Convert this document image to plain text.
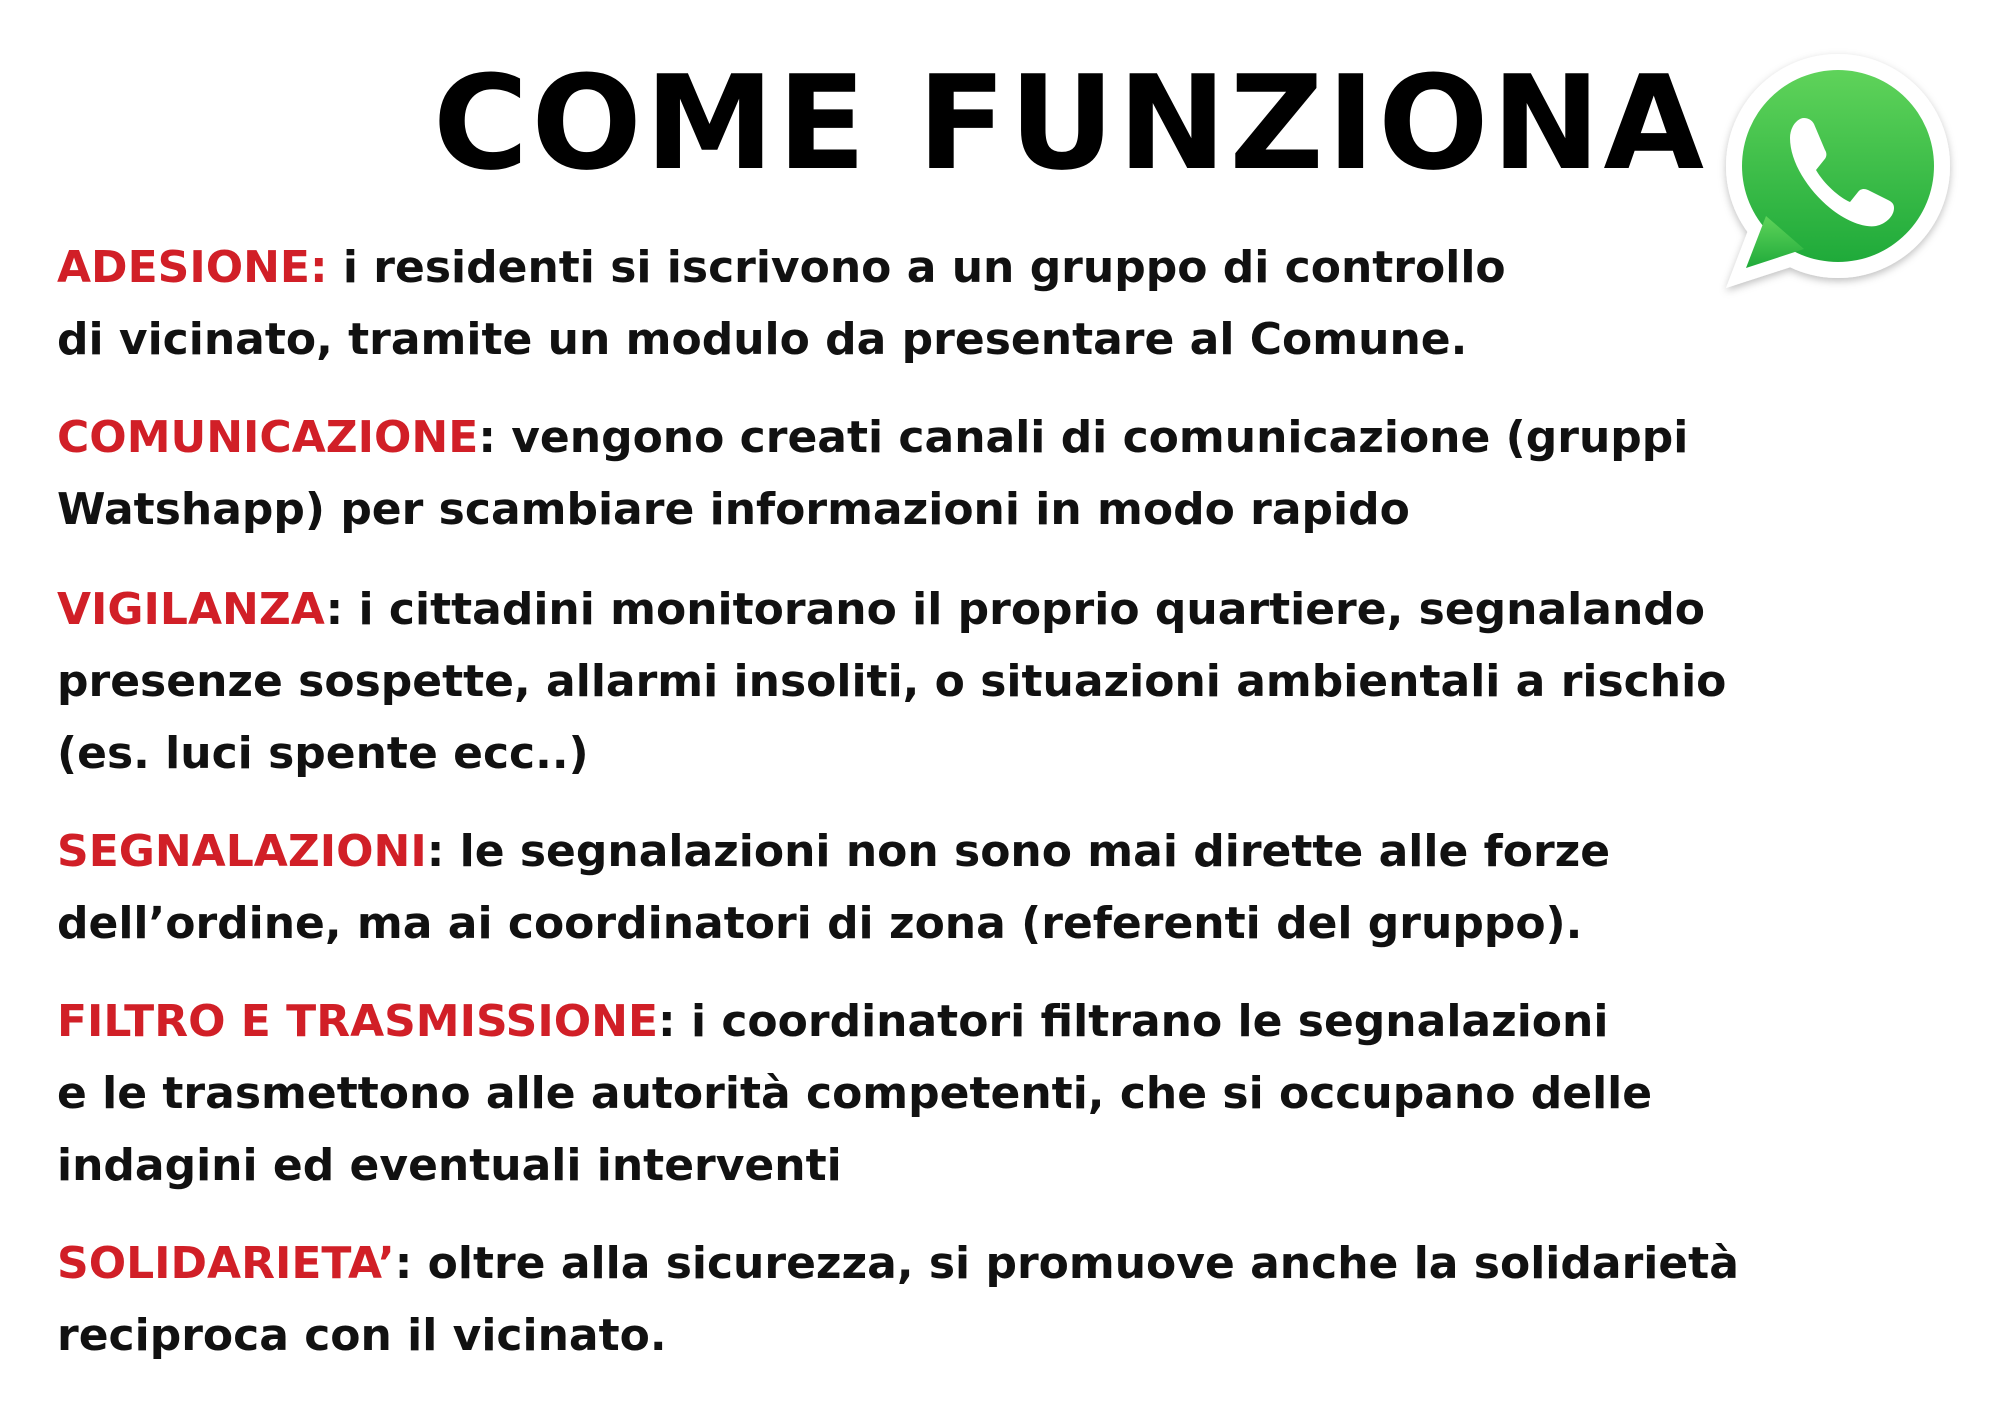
COME FUNZIONA

ADESIONE: i residenti si iscrivono a un gruppo di controllo
di vicinato, tramite un modulo da presentare al Comune.

COMUNICAZIONE: vengono creati canali di comunicazione (gruppi
Watshapp) per scambiare informazioni in modo rapido

VIGILANZA: i cittadini monitorano il proprio quartiere, segnalando
presenze sospette, allarmi insoliti, o situazioni ambientali a rischio
(es. luci spente ecc..)

SEGNALAZIONI: le segnalazioni non sono mai dirette alle forze
dell’ordine, ma ai coordinatori di zona (referenti del gruppo).

FILTRO E TRASMISSIONE: i coordinatori filtrano le segnalazioni
e le trasmettono alle autorità competenti, che si occupano delle
indagini ed eventuali interventi

SOLIDARIETA’: oltre alla sicurezza, si promuove anche la solidarietà
reciproca con il vicinato.
